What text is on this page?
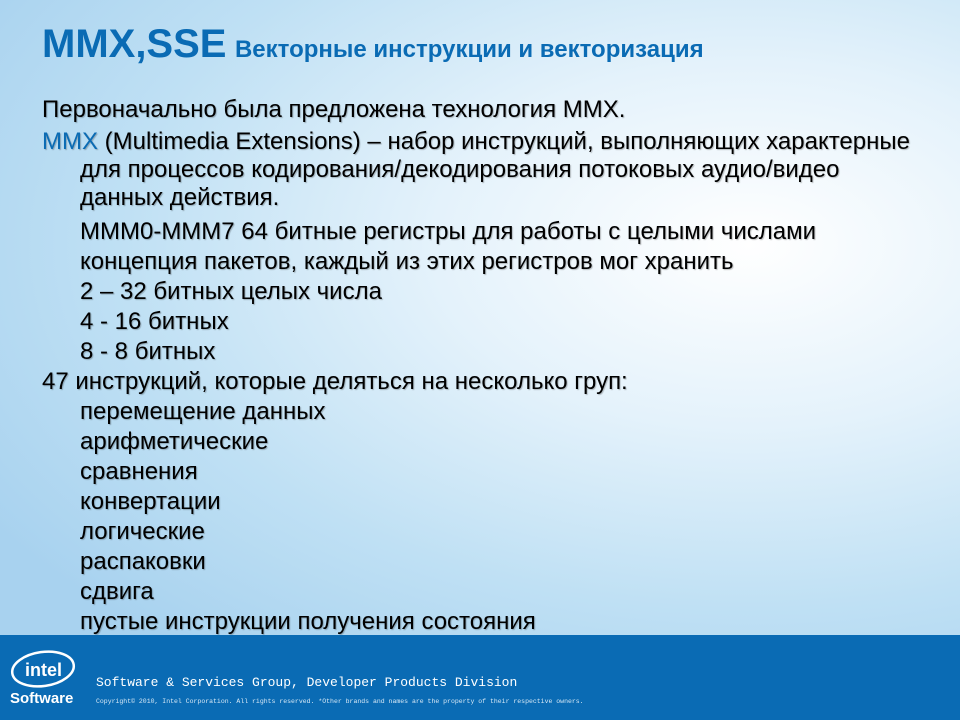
MMX,SSE Векторные инструкции и векторизация
Первоначально была предложена технология MMX.
MMX (Multimedia Extensions) – набор инструкций, выполняющих характерные для процессов кодирования/декодирования потоковых аудио/видео данных действия.
MMM0-MMM7 64 битные регистры для работы с целыми числами
концепция пакетов, каждый из этих регистров мог хранить
2 – 32 битных целых числа
4 - 16 битных
8 - 8 битных
47 инструкций, которые деляться на несколько груп:
перемещение данных
арифметические
сравнения
конвертации
логические
распаковки
сдвига
пустые инструкции получения состояния
intel
Software
Software & Services Group, Developer Products Division
Copyright© 2010, Intel Corporation. All rights reserved. *Other brands and names are the property of their respective owners.
